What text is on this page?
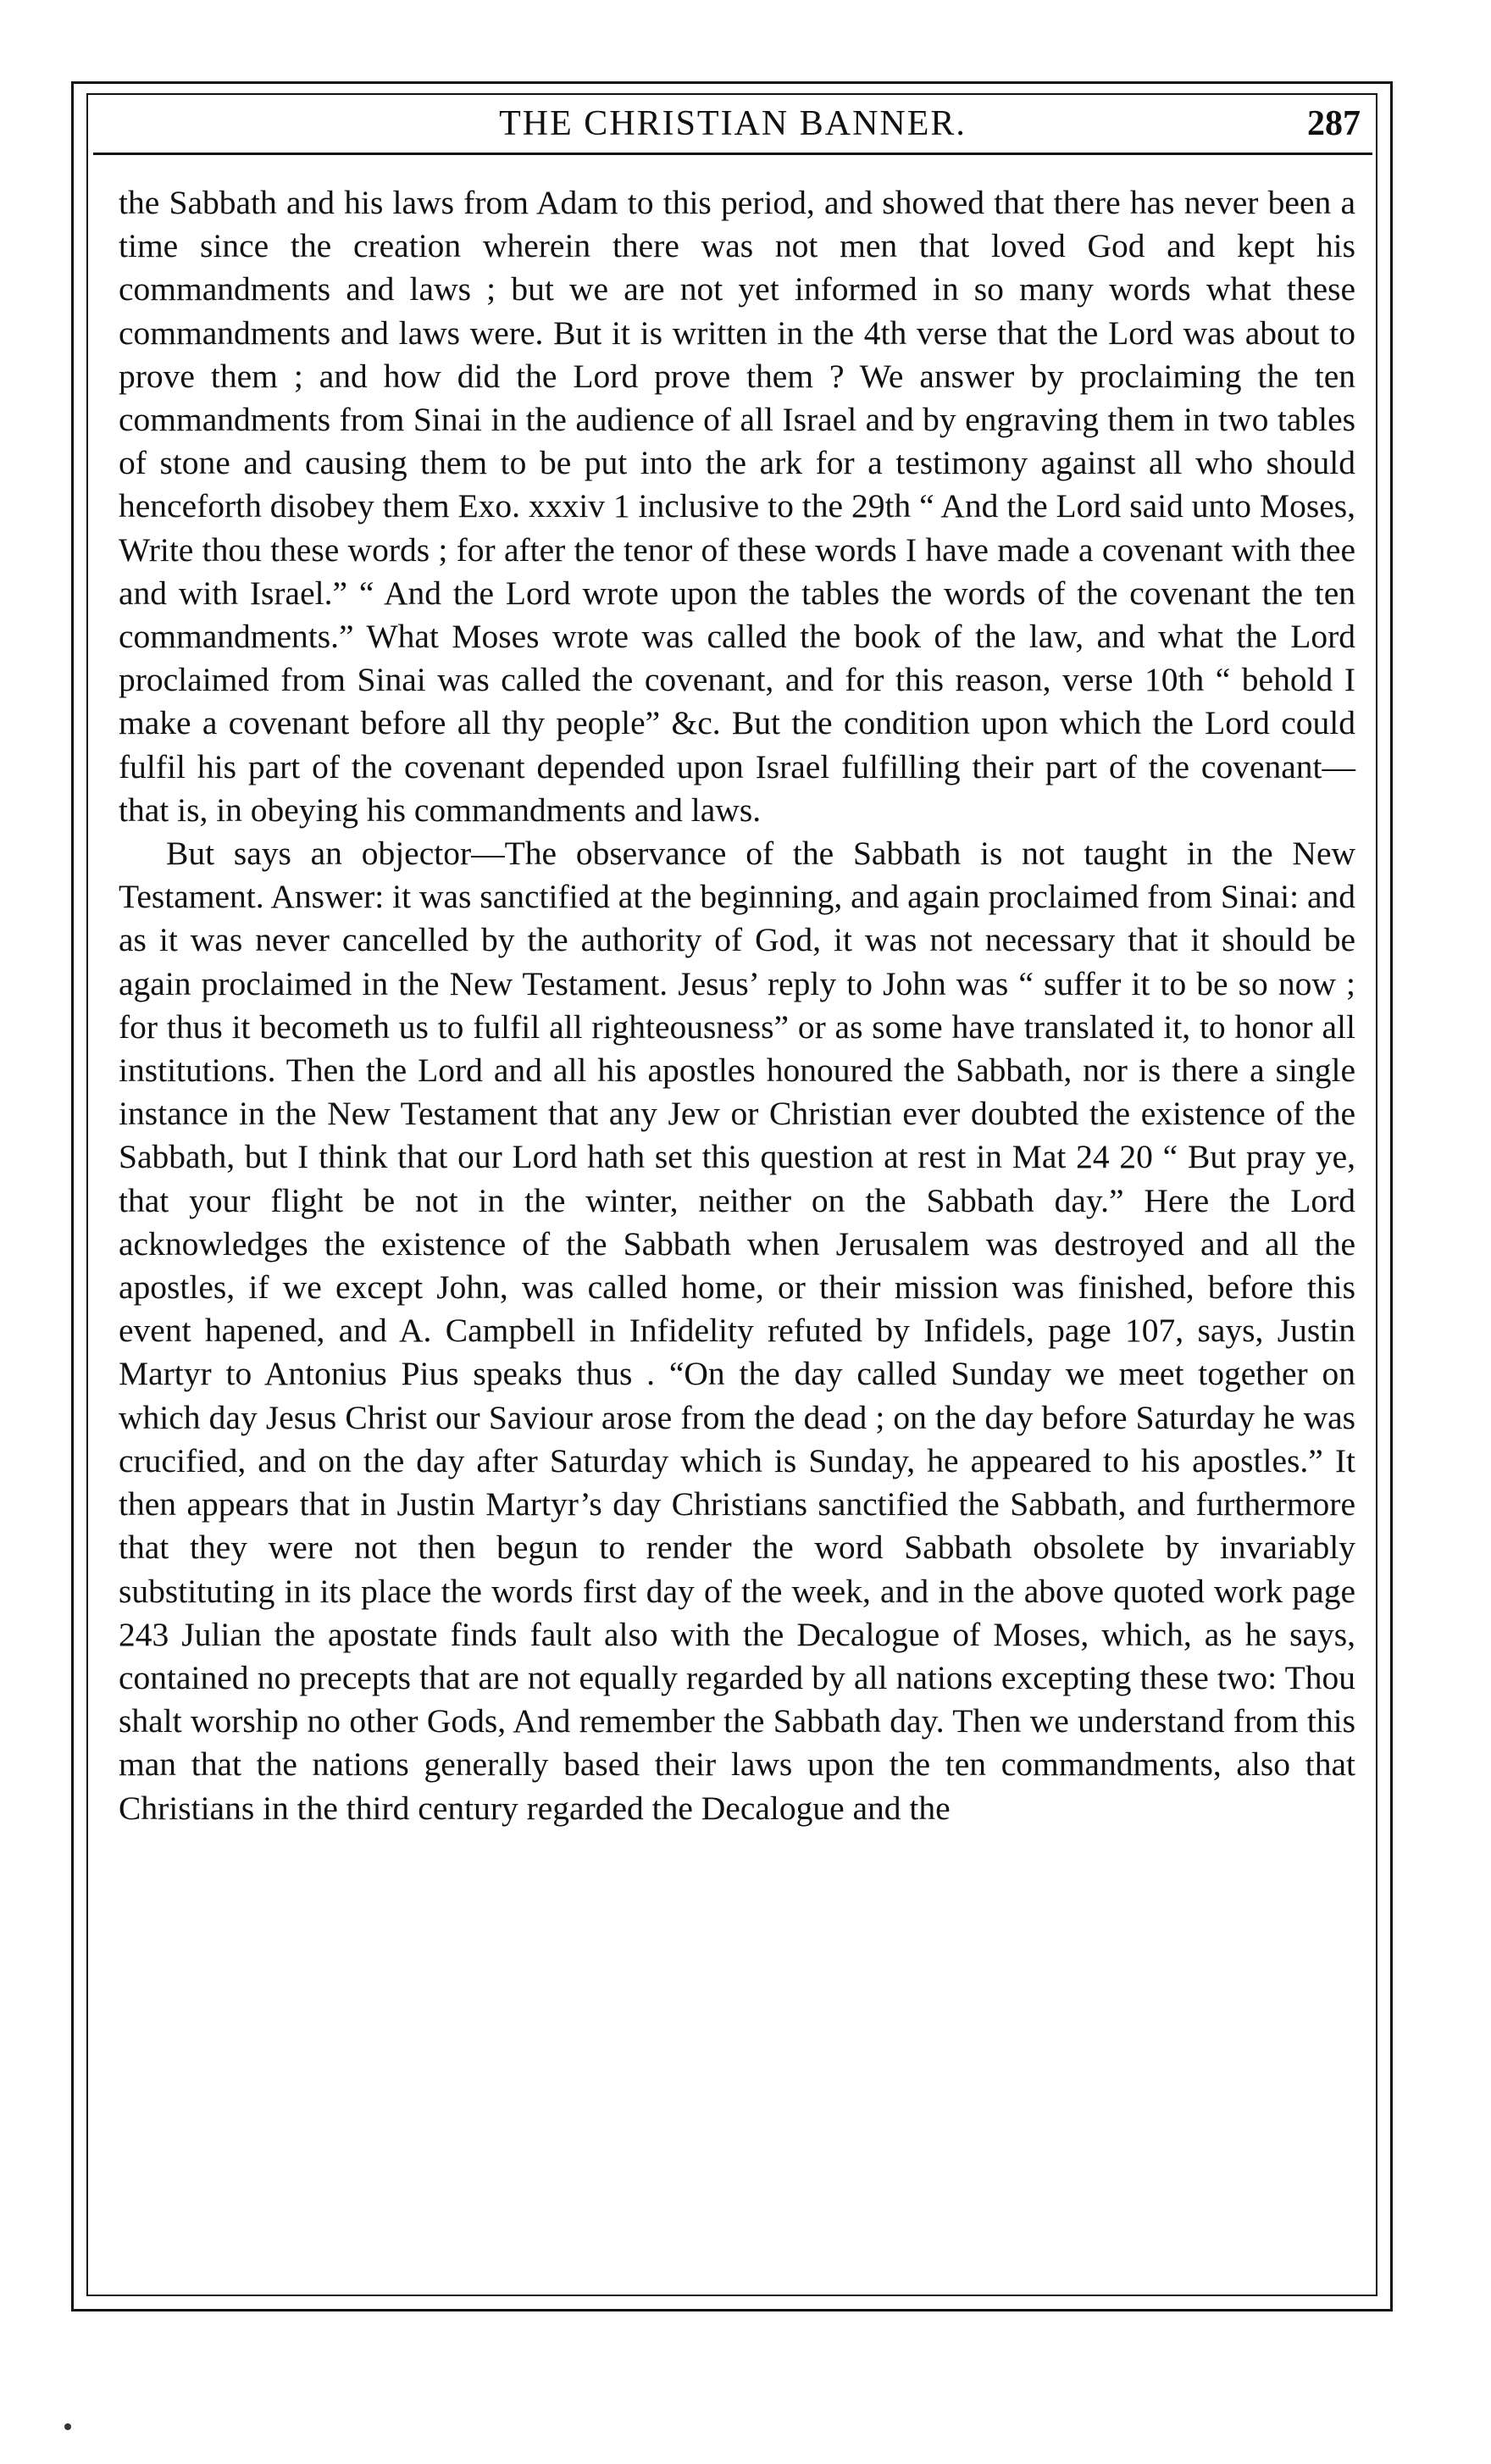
THE CHRISTIAN BANNER.	287

the Sabbath and his laws from Adam to this period, and showed that there has never been a time since the creation wherein there was not men that loved God and kept his commandments and laws ; but we are not yet informed in so many words what these commandments and laws were. But it is written in the 4th verse that the Lord was about to prove them ; and how did the Lord prove them ? We answer by proclaiming the ten commandments from Sinai in the audience of all Israel and by engraving them in two tables of stone and causing them to be put into the ark for a testimony against all who should henceforth disobey them Exo. xxxiv 1 inclusive to the 29th “ And the Lord said unto Moses, Write thou these words ; for after the tenor of these words I have made a covenant with thee and with Israel.” “ And the Lord wrote upon the tables the words of the covenant the ten commandments.” What Moses wrote was called the book of the law, and what the Lord proclaimed from Sinai was called the covenant, and for this reason, verse 10th “ behold I make a covenant before all thy people” &c. But the condition upon which the Lord could fulfil his part of the covenant depended upon Israel fulfilling their part of the covenant—that is, in obeying his commandments and laws.

But says an objector—The observance of the Sabbath is not taught in the New Testament. Answer: it was sanctified at the beginning, and again proclaimed from Sinai: and as it was never cancelled by the authority of God, it was not necessary that it should be again proclaimed in the New Testament. Jesus’ reply to John was “ suffer it to be so now ; for thus it becometh us to fulfil all righteousness” or as some have translated it, to honor all institutions. Then the Lord and all his apostles honoured the Sabbath, nor is there a single instance in the New Testament that any Jew or Christian ever doubted the existence of the Sabbath, but I think that our Lord hath set this question at rest in Mat 24 20 “ But pray ye, that your flight be not in the winter, neither on the Sabbath day.” Here the Lord acknowledges the existence of the Sabbath when Jerusalem was destroyed and all the apostles, if we except John, was called home, or their mission was finished, before this event hapened, and A. Campbell in Infidelity refuted by Infidels, page 107, says, Justin Martyr to Antonius Pius speaks thus . “On the day called Sunday we meet together on which day Jesus Christ our Saviour arose from the dead ; on the day before Saturday he was crucified, and on the day after Saturday which is Sunday, he appeared to his apostles.” It then appears that in Justin Martyr’s day Christians sanctified the Sabbath, and furthermore that they were not then begun to render the word Sabbath obsolete by invariably substituting in its place the words first day of the week, and in the above quoted work page 243 Julian the apostate finds fault also with the Decalogue of Moses, which, as he says, contained no precepts that are not equally regarded by all nations excepting these two: Thou shalt worship no other Gods, And remember the Sabbath day. Then we understand from this man that the nations generally based their laws upon the ten commandments, also that Christians in the third century regarded the Decalogue and the
